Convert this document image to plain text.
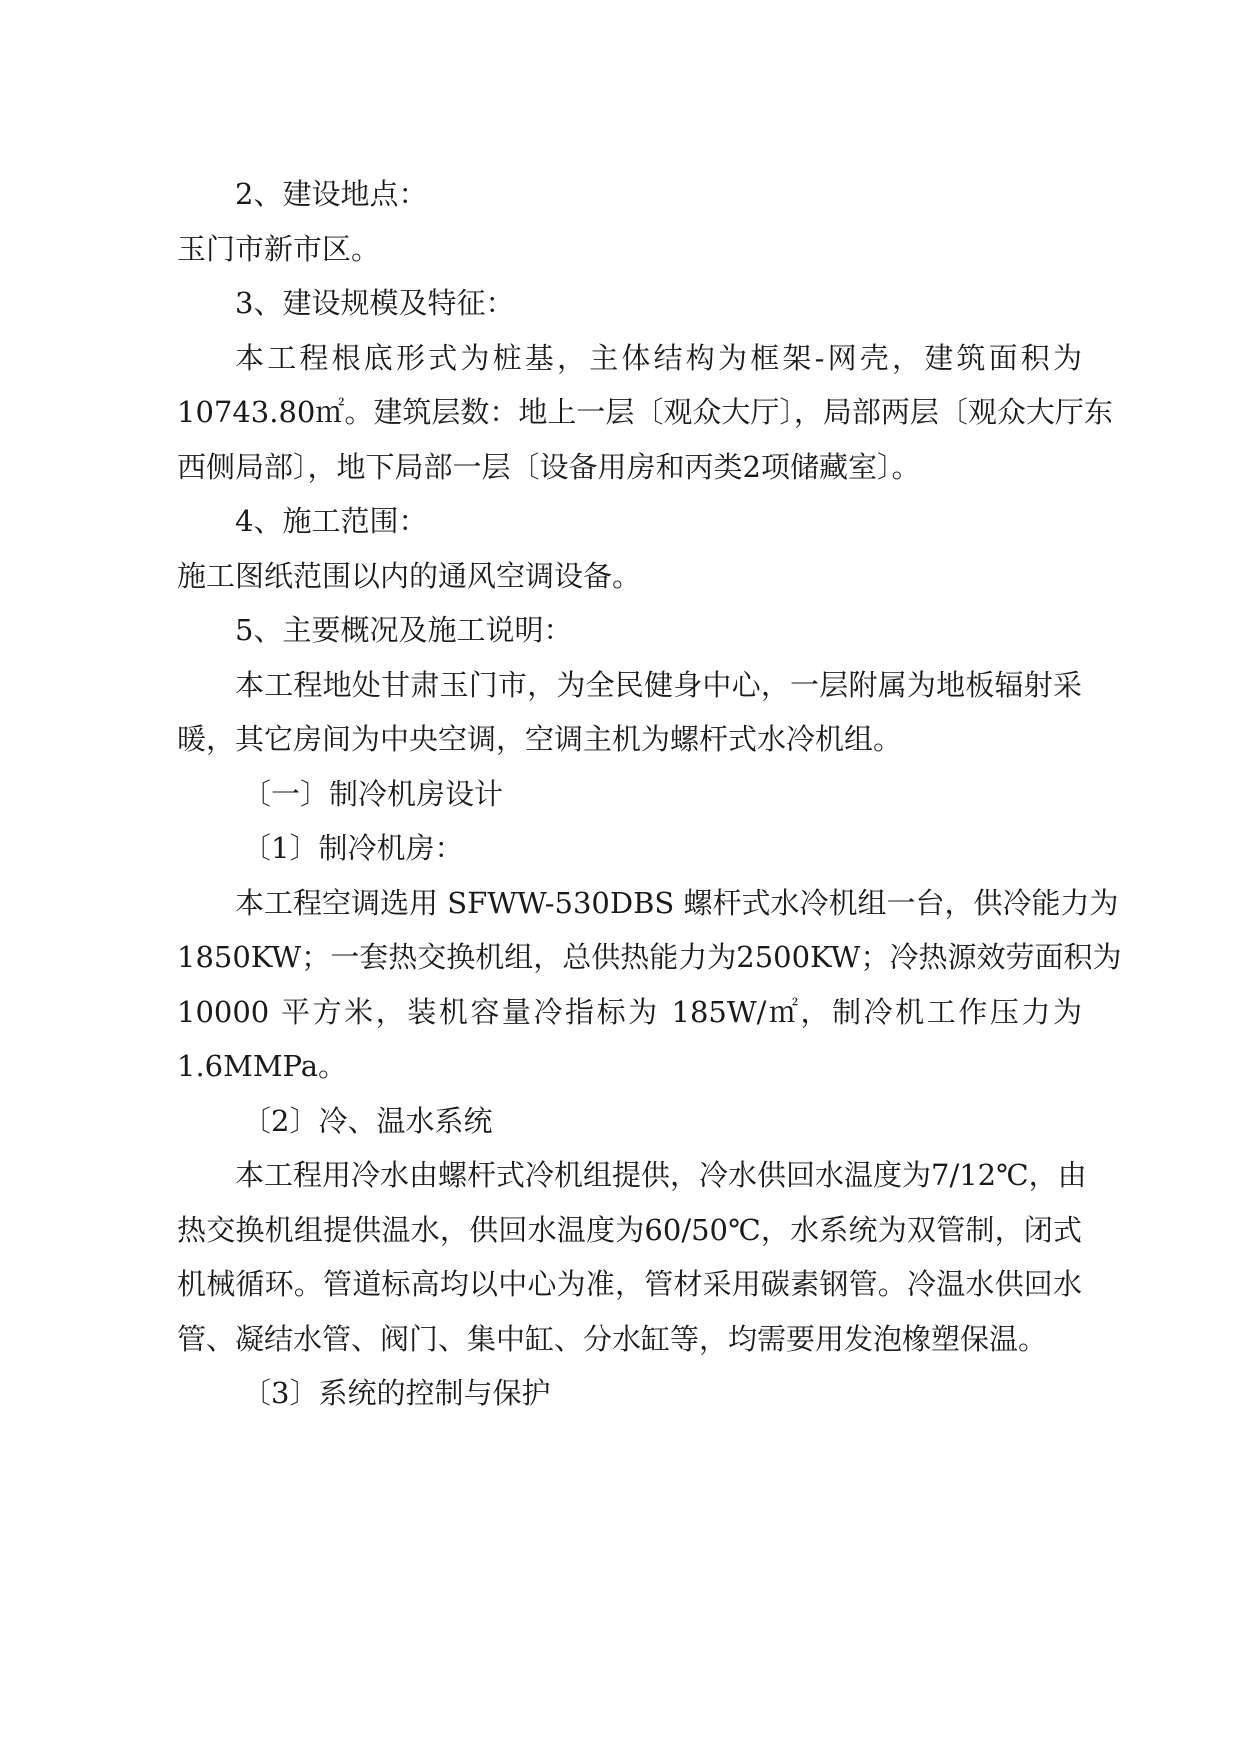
2、建设地点：
玉门市新市区。
3、建设规模及特征：
本工程根底形式为桩基，主体结构为框架-网壳，建筑面积为
10743.80㎡。建筑层数：地上一层〔观众大厅〕，局部两层〔观众大厅东
西侧局部〕，地下局部一层〔设备用房和丙类2项储藏室〕。
4、施工范围：
施工图纸范围以内的通风空调设备。
5、主要概况及施工说明：
本工程地处甘肃玉门市，为全民健身中心，一层附属为地板辐射采
暖，其它房间为中央空调，空调主机为螺杆式水冷机组。
〔一〕制冷机房设计
〔1〕制冷机房：
本工程空调选用 SFWW-530DBS 螺杆式水冷机组一台，供冷能力为
1850KW；一套热交换机组，总供热能力为2500KW；冷热源效劳面积为
10000 平方米，装机容量冷指标为 185W/㎡，制冷机工作压力为
1.6MMPa。
〔2〕冷、温水系统
本工程用冷水由螺杆式冷机组提供，冷水供回水温度为7/12℃，由
热交换机组提供温水，供回水温度为60/50℃，水系统为双管制，闭式
机械循环。管道标高均以中心为准，管材采用碳素钢管。冷温水供回水
管、凝结水管、阀门、集中缸、分水缸等，均需要用发泡橡塑保温。
〔3〕系统的控制与保护
